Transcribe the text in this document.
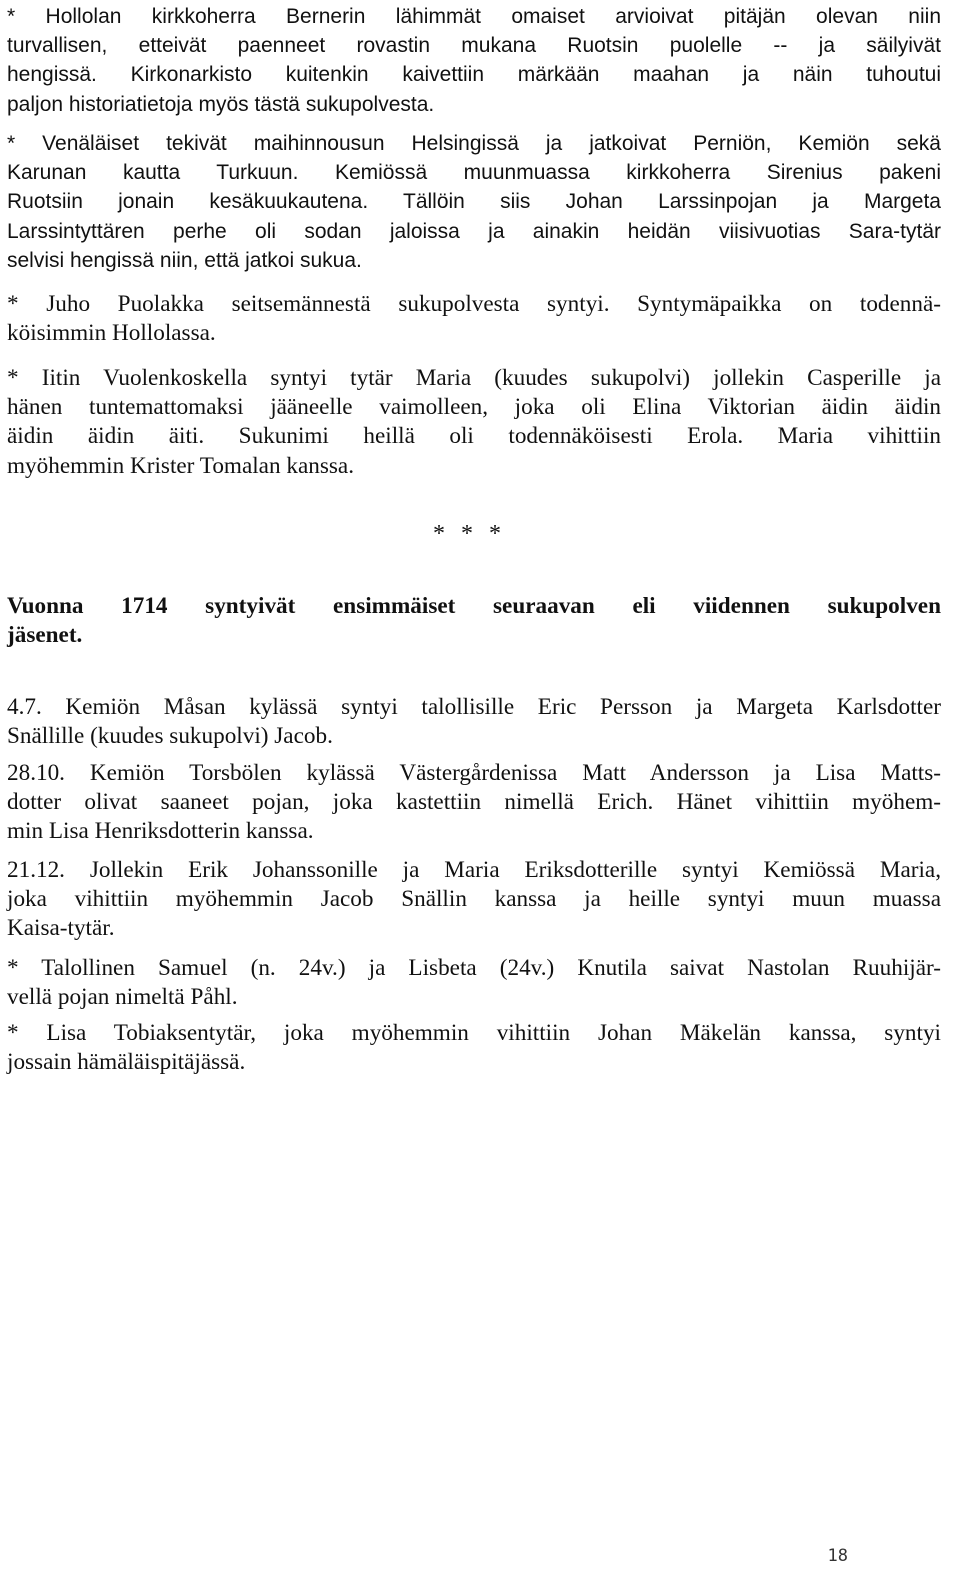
* Hollolan kirkkoherra Bernerin lähimmät omaiset arvioivat pitäjän olevan niin
turvallisen, etteivät paenneet rovastin mukana Ruotsin puolelle -- ja säilyivät
hengissä. Kirkonarkisto kuitenkin kaivettiin märkään maahan ja näin tuhoutui
paljon historiatietoja myös tästä sukupolvesta.
* Venäläiset tekivät maihinnousun Helsingissä ja jatkoivat Perniön, Kemiön sekä
Karunan kautta Turkuun. Kemiössä muunmuassa kirkkoherra Sirenius pakeni
Ruotsiin jonain kesäkuukautena. Tällöin siis Johan Larssinpojan ja Margeta
Larssintyttären perhe oli sodan jaloissa ja ainakin heidän viisivuotias Sara-tytär
selvisi hengissä niin, että jatkoi sukua.
* Juho Puolakka seitsemännestä sukupolvesta syntyi. Syntymäpaikka on todennä-
köisimmin Hollolassa.
* Iitin Vuolenkoskella syntyi tytär Maria (kuudes sukupolvi) jollekin Casperille ja
hänen tuntemattomaksi jääneelle vaimolleen, joka oli Elina Viktorian äidin äidin
äidin äidin äiti. Sukunimi heillä oli todennäköisesti Erola. Maria vihittiin
myöhemmin Krister Tomalan kanssa.
* * *
Vuonna 1714 syntyivät ensimmäiset seuraavan eli viidennen sukupolven
jäsenet.
4.7. Kemiön Måsan kylässä syntyi talollisille Eric Persson ja Margeta Karlsdotter
Snällille (kuudes sukupolvi) Jacob.
28.10. Kemiön Torsbölen kylässä Västergårdenissa Matt Andersson ja Lisa Matts-
dotter olivat saaneet pojan, joka kastettiin nimellä Erich. Hänet vihittiin myöhem-
min Lisa Henriksdotterin kanssa.
21.12. Jollekin Erik Johanssonille ja Maria Eriksdotterille syntyi Kemiössä Maria,
joka vihittiin myöhemmin Jacob Snällin kanssa ja heille syntyi muun muassa
Kaisa-tytär.
* Talollinen Samuel (n. 24v.) ja Lisbeta (24v.) Knutila saivat Nastolan Ruuhijär-
vellä pojan nimeltä Påhl.
* Lisa Tobiaksentytär, joka myöhemmin vihittiin Johan Mäkelän kanssa, syntyi
jossain hämäläispitäjässä.
18
